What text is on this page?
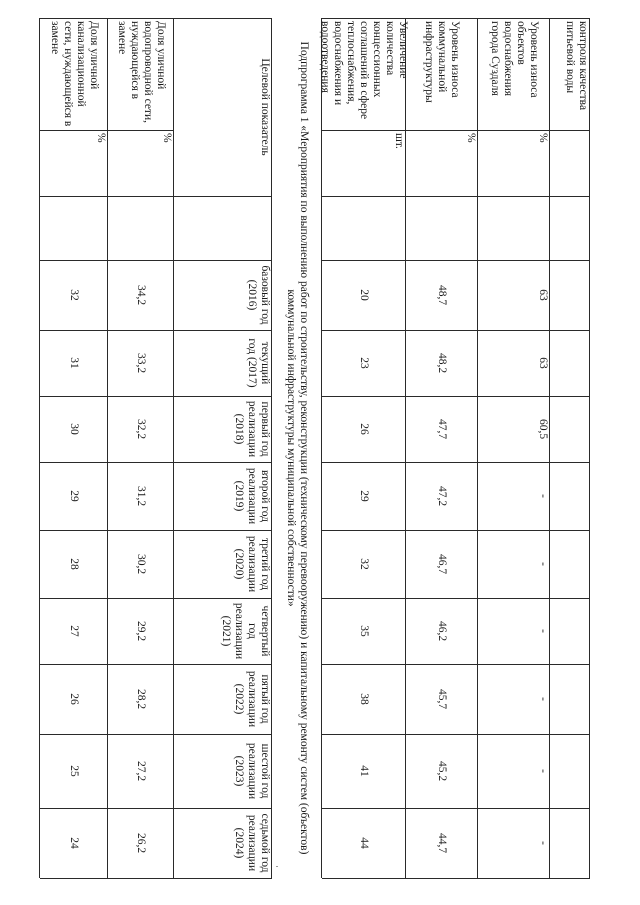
контроля качества питьевой воды
Уровень износа объектов водоснабжения города Суздаля
%
63
63
60,5
-
-
-
-
-
-
Уровень износа коммунальной инфраструктуры
%
48,7
48,2
47,7
47,2
46,7
46,2
45,7
45,2
44,7
Увеличение количества концессионных соглашений в сфере теплоснабжения, водоснабжения и водоотведения
шт.
20
23
26
29
32
35
38
41
44
Подпрограмма 1 «Мероприятия по выполнению работ по строительству, реконструкции (техническому перевооружению) и капитальному ремонту систем (объектов) коммунальной инфраструктуры муниципальной собственности»
Целевой показатель
базовый год (2016)
текущий год (2017)
первый год реализации (2018)
второй год реализации (2019)
третий год реализации (2020)
четвертый год реализации (2021)
пятый год реализации (2022)
шестой год реализации (2023)
седьмой год реализации (2024)
Доля уличной водопроводной сети, нуждающейся в замене
%
34,2
33,2
32,2
31,2
30,2
29,2
28,2
27,2
26,2
Доля уличной канализационной сети, нуждающейся в замене
%
32
31
30
29
28
27
26
25
24
